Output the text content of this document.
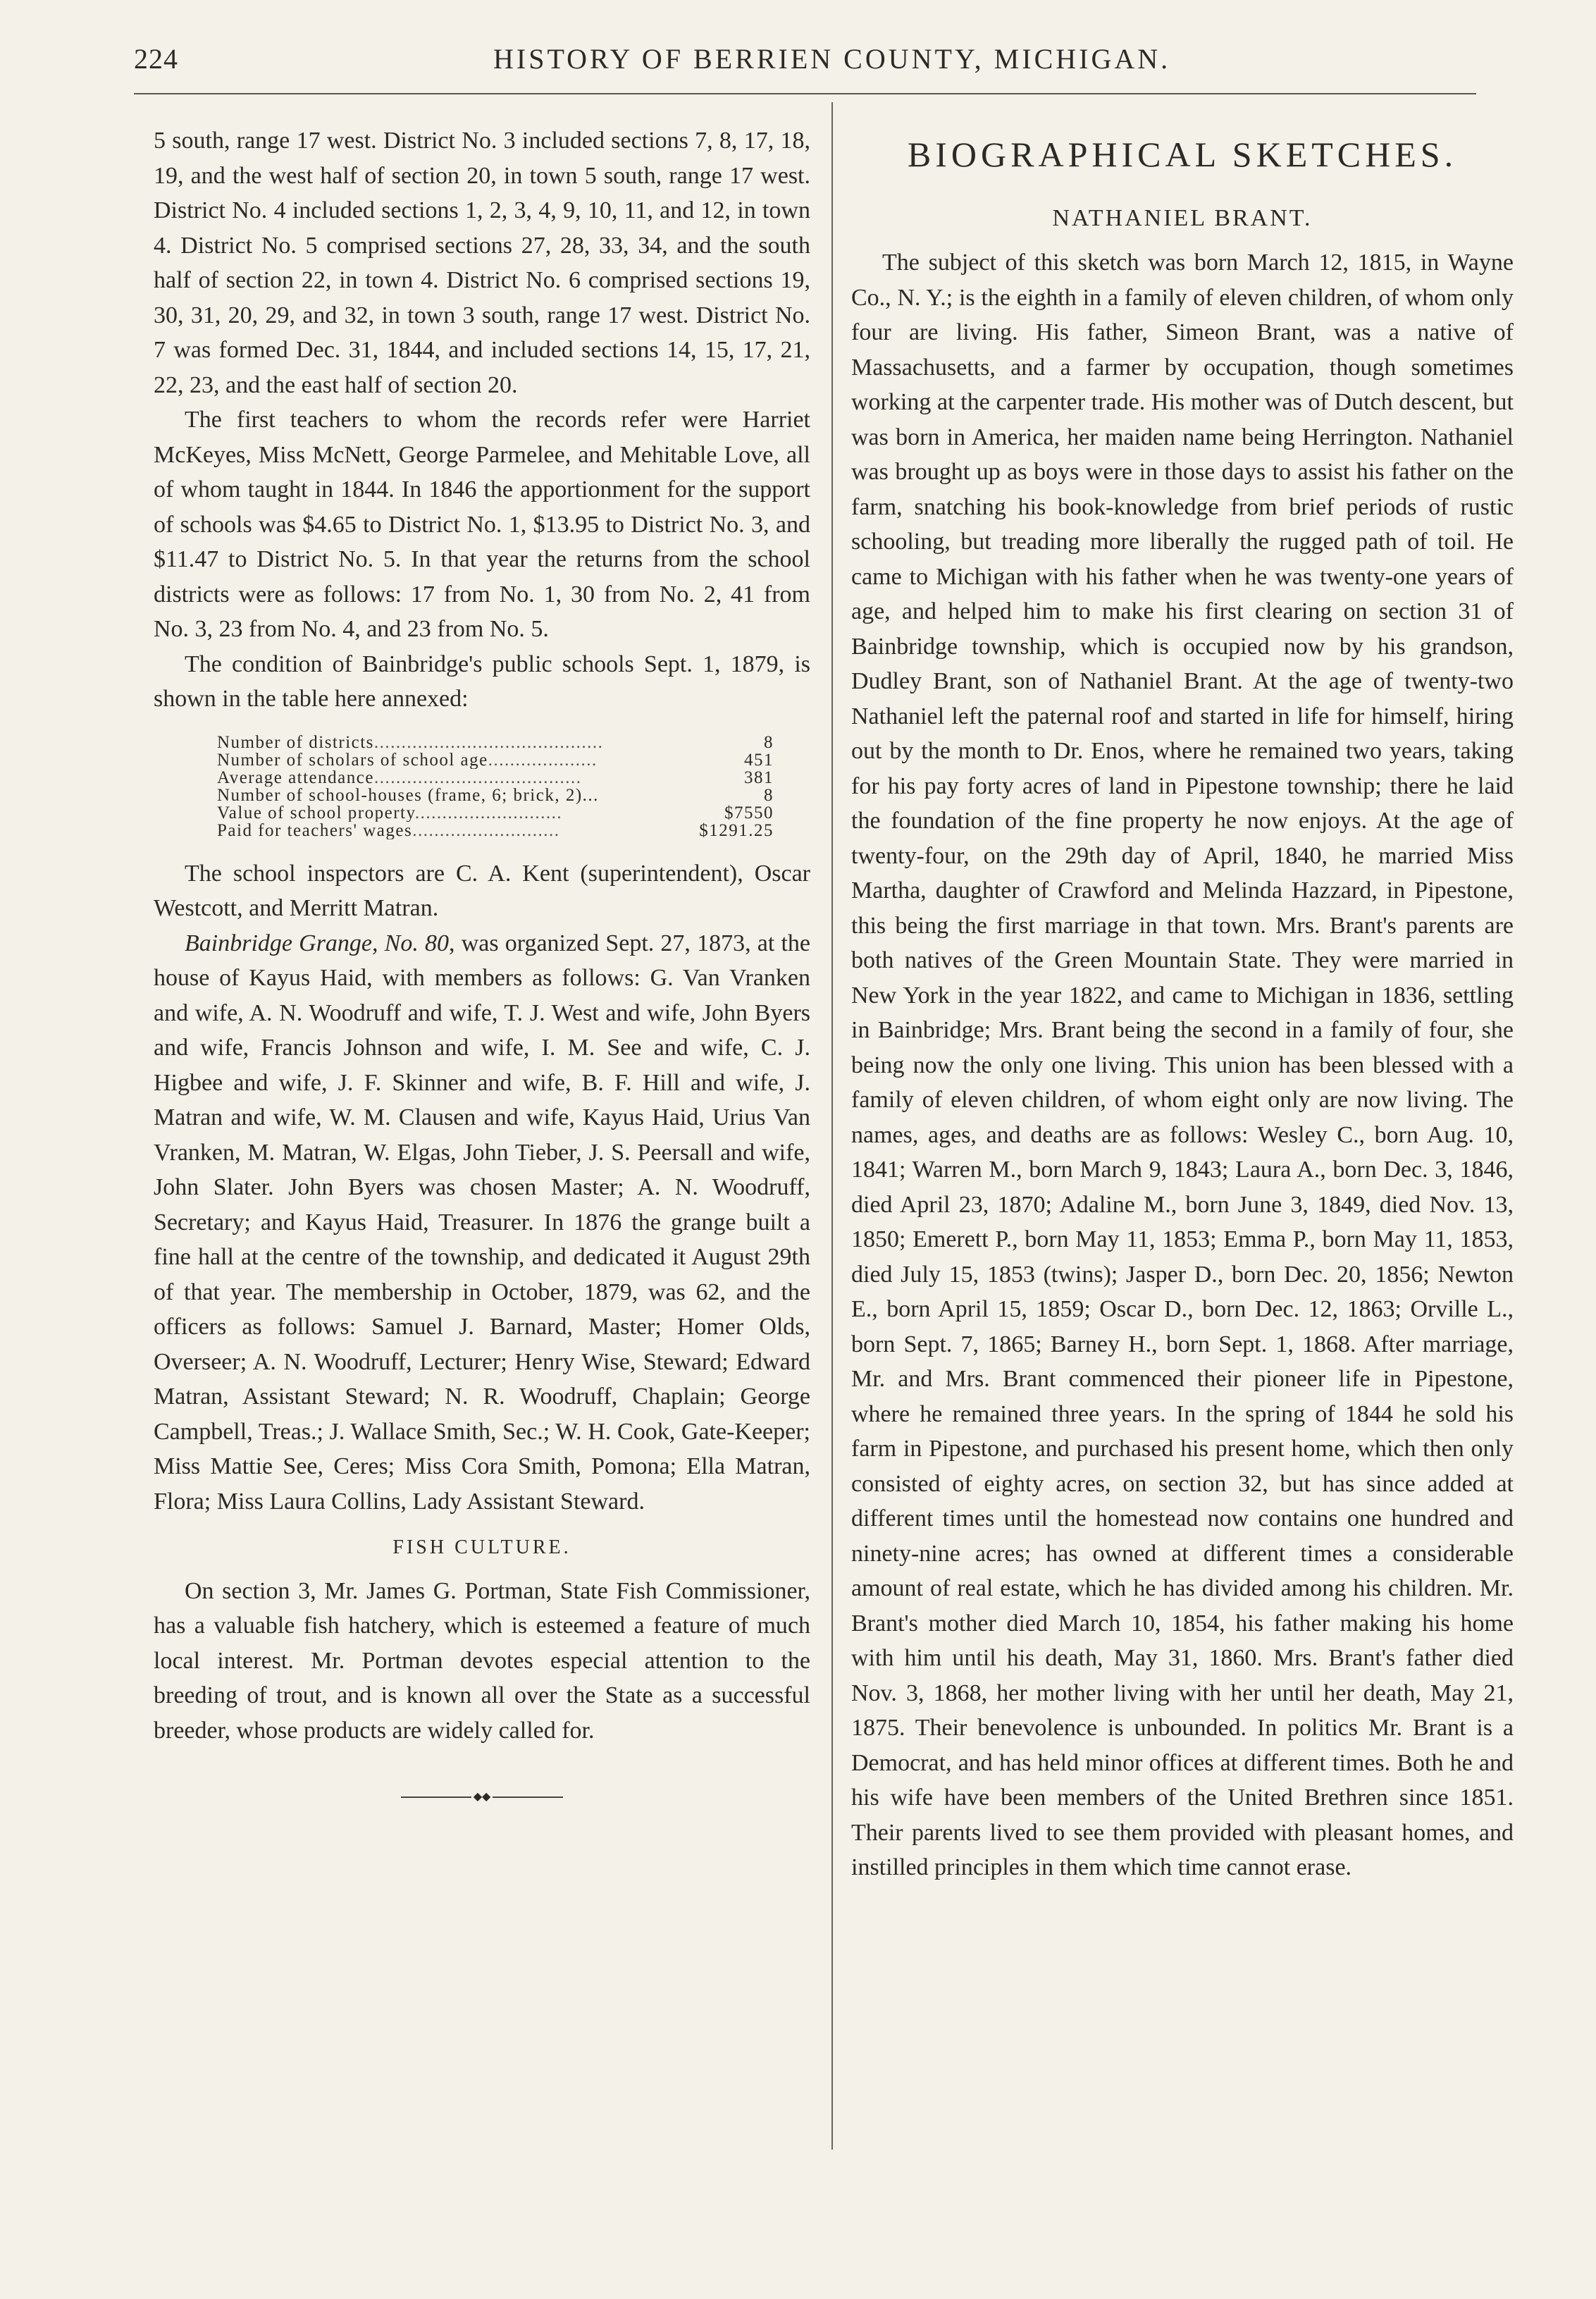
224	HISTORY OF BERRIEN COUNTY, MICHIGAN.

5 south, range 17 west. District No. 3 included sections 7, 8, 17, 18, 19, and the west half of section 20, in town 5 south, range 17 west. District No. 4 included sections 1, 2, 3, 4, 9, 10, 11, and 12, in town 4. District No. 5 comprised sections 27, 28, 33, 34, and the south half of section 22, in town 4. District No. 6 comprised sections 19, 30, 31, 20, 29, and 32, in town 3 south, range 17 west. District No. 7 was formed Dec. 31, 1844, and included sections 14, 15, 17, 21, 22, 23, and the east half of section 20.

The first teachers to whom the records refer were Harriet McKeyes, Miss McNett, George Parmelee, and Mehitable Love, all of whom taught in 1844. In 1846 the apportionment for the support of schools was $4.65 to District No. 1, $13.95 to District No. 3, and $11.47 to District No. 5. In that year the returns from the school districts were as follows: 17 from No. 1, 30 from No. 2, 41 from No. 3, 23 from No. 4, and 23 from No. 5.

The condition of Bainbridge's public schools Sept. 1, 1879, is shown in the table here annexed:

Number of districts..........................................	8
Number of scholars of school age....................	451
Average attendance......................................	381
Number of school-houses (frame, 6; brick, 2)...	8
Value of school property...........................	$7550
Paid for teachers' wages...........................	$1291.25

The school inspectors are C. A. Kent (superintendent), Oscar Westcott, and Merritt Matran.

Bainbridge Grange, No. 80, was organized Sept. 27, 1873, at the house of Kayus Haid, with members as follows: G. Van Vranken and wife, A. N. Woodruff and wife, T. J. West and wife, John Byers and wife, Francis Johnson and wife, I. M. See and wife, C. J. Higbee and wife, J. F. Skinner and wife, B. F. Hill and wife, J. Matran and wife, W. M. Clausen and wife, Kayus Haid, Urius Van Vranken, M. Matran, W. Elgas, John Tieber, J. S. Peersall and wife, John Slater. John Byers was chosen Master; A. N. Woodruff, Secretary; and Kayus Haid, Treasurer. In 1876 the grange built a fine hall at the centre of the township, and dedicated it August 29th of that year. The membership in October, 1879, was 62, and the officers as follows: Samuel J. Barnard, Master; Homer Olds, Overseer; A. N. Woodruff, Lecturer; Henry Wise, Steward; Edward Matran, Assistant Steward; N. R. Woodruff, Chaplain; George Campbell, Treas.; J. Wallace Smith, Sec.; W. H. Cook, Gate-Keeper; Miss Mattie See, Ceres; Miss Cora Smith, Pomona; Ella Matran, Flora; Miss Laura Collins, Lady Assistant Steward.

FISH CULTURE.

On section 3, Mr. James G. Portman, State Fish Commissioner, has a valuable fish hatchery, which is esteemed a feature of much local interest. Mr. Portman devotes especial attention to the breeding of trout, and is known all over the State as a successful breeder, whose products are widely called for.

◆◆
BIOGRAPHICAL SKETCHES.
NATHANIEL BRANT.

The subject of this sketch was born March 12, 1815, in Wayne Co., N. Y.; is the eighth in a family of eleven children, of whom only four are living. His father, Simeon Brant, was a native of Massachusetts, and a farmer by occupation, though sometimes working at the carpenter trade. His mother was of Dutch descent, but was born in America, her maiden name being Herrington. Nathaniel was brought up as boys were in those days to assist his father on the farm, snatching his book-knowledge from brief periods of rustic schooling, but treading more liberally the rugged path of toil. He came to Michigan with his father when he was twenty-one years of age, and helped him to make his first clearing on section 31 of Bainbridge township, which is occupied now by his grandson, Dudley Brant, son of Nathaniel Brant. At the age of twenty-two Nathaniel left the paternal roof and started in life for himself, hiring out by the month to Dr. Enos, where he remained two years, taking for his pay forty acres of land in Pipestone township; there he laid the foundation of the fine property he now enjoys. At the age of twenty-four, on the 29th day of April, 1840, he married Miss Martha, daughter of Crawford and Melinda Hazzard, in Pipestone, this being the first marriage in that town. Mrs. Brant's parents are both natives of the Green Mountain State. They were married in New York in the year 1822, and came to Michigan in 1836, settling in Bainbridge; Mrs. Brant being the second in a family of four, she being now the only one living. This union has been blessed with a family of eleven children, of whom eight only are now living. The names, ages, and deaths are as follows: Wesley C., born Aug. 10, 1841; Warren M., born March 9, 1843; Laura A., born Dec. 3, 1846, died April 23, 1870; Adaline M., born June 3, 1849, died Nov. 13, 1850; Emerett P., born May 11, 1853; Emma P., born May 11, 1853, died July 15, 1853 (twins); Jasper D., born Dec. 20, 1856; Newton E., born April 15, 1859; Oscar D., born Dec. 12, 1863; Orville L., born Sept. 7, 1865; Barney H., born Sept. 1, 1868. After marriage, Mr. and Mrs. Brant commenced their pioneer life in Pipestone, where he remained three years. In the spring of 1844 he sold his farm in Pipestone, and purchased his present home, which then only consisted of eighty acres, on section 32, but has since added at different times until the homestead now contains one hundred and ninety-nine acres; has owned at different times a considerable amount of real estate, which he has divided among his children. Mr. Brant's mother died March 10, 1854, his father making his home with him until his death, May 31, 1860. Mrs. Brant's father died Nov. 3, 1868, her mother living with her until her death, May 21, 1875. Their benevolence is unbounded. In politics Mr. Brant is a Democrat, and has held minor offices at different times. Both he and his wife have been members of the United Brethren since 1851. Their parents lived to see them provided with pleasant homes, and instilled principles in them which time cannot erase.
